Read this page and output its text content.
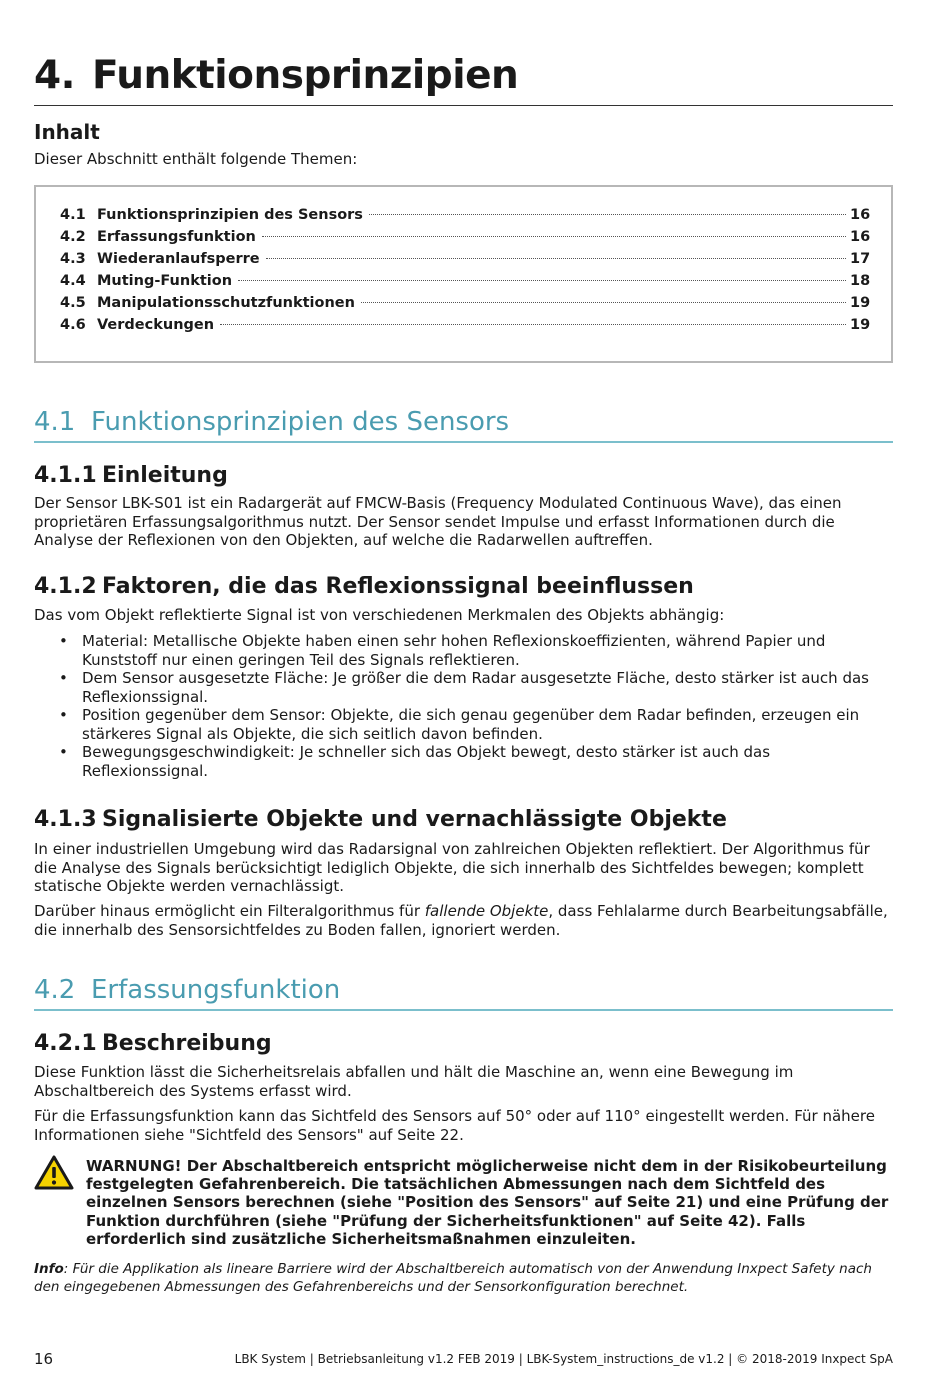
4. Funktionsprinzipien
Inhalt
Dieser Abschnitt enthält folgende Themen:
4.1 Funktionsprinzipien des Sensors	16
4.2 Erfassungsfunktion	16
4.3 Wiederanlaufsperre	17
4.4 Muting-Funktion	18
4.5 Manipulationsschutzfunktionen	19
4.6 Verdeckungen	19
4.1 Funktionsprinzipien des Sensors
4.1.1 Einleitung
Der Sensor LBK-S01 ist ein Radargerät auf FMCW-Basis (Frequency Modulated Continuous Wave), das einen proprietären Erfassungsalgorithmus nutzt. Der Sensor sendet Impulse und erfasst Informationen durch die Analyse der Reflexionen von den Objekten, auf welche die Radarwellen auftreffen.
4.1.2 Faktoren, die das Reflexionssignal beeinflussen
Das vom Objekt reflektierte Signal ist von verschiedenen Merkmalen des Objekts abhängig:
• Material: Metallische Objekte haben einen sehr hohen Reflexionskoeffizienten, während Papier und Kunststoff nur einen geringen Teil des Signals reflektieren.
• Dem Sensor ausgesetzte Fläche: Je größer die dem Radar ausgesetzte Fläche, desto stärker ist auch das Reflexionssignal.
• Position gegenüber dem Sensor: Objekte, die sich genau gegenüber dem Radar befinden, erzeugen ein stärkeres Signal als Objekte, die sich seitlich davon befinden.
• Bewegungsgeschwindigkeit: Je schneller sich das Objekt bewegt, desto stärker ist auch das Reflexionssignal.
4.1.3 Signalisierte Objekte und vernachlässigte Objekte
In einer industriellen Umgebung wird das Radarsignal von zahlreichen Objekten reflektiert. Der Algorithmus für die Analyse des Signals berücksichtigt lediglich Objekte, die sich innerhalb des Sichtfeldes bewegen; komplett statische Objekte werden vernachlässigt.
Darüber hinaus ermöglicht ein Filteralgorithmus für fallende Objekte, dass Fehlalarme durch Bearbeitungsabfälle, die innerhalb des Sensorsichtfeldes zu Boden fallen, ignoriert werden.
4.2 Erfassungsfunktion
4.2.1 Beschreibung
Diese Funktion lässt die Sicherheitsrelais abfallen und hält die Maschine an, wenn eine Bewegung im Abschaltbereich des Systems erfasst wird.
Für die Erfassungsfunktion kann das Sichtfeld des Sensors auf 50° oder auf 110° eingestellt werden. Für nähere Informationen siehe "Sichtfeld des Sensors" auf Seite 22.
WARNUNG! Der Abschaltbereich entspricht möglicherweise nicht dem in der Risikobeurteilung festgelegten Gefahrenbereich. Die tatsächlichen Abmessungen nach dem Sichtfeld des einzelnen Sensors berechnen (siehe "Position des Sensors" auf Seite 21) und eine Prüfung der Funktion durchführen (siehe "Prüfung der Sicherheitsfunktionen" auf Seite 42). Falls erforderlich sind zusätzliche Sicherheitsmaßnahmen einzuleiten.
Info: Für die Applikation als lineare Barriere wird der Abschaltbereich automatisch von der Anwendung Inxpect Safety nach den eingegebenen Abmessungen des Gefahrenbereichs und der Sensorkonfiguration berechnet.
16	LBK System | Betriebsanleitung v1.2 FEB 2019 | LBK-System_instructions_de v1.2 | © 2018-2019 Inxpect SpA
